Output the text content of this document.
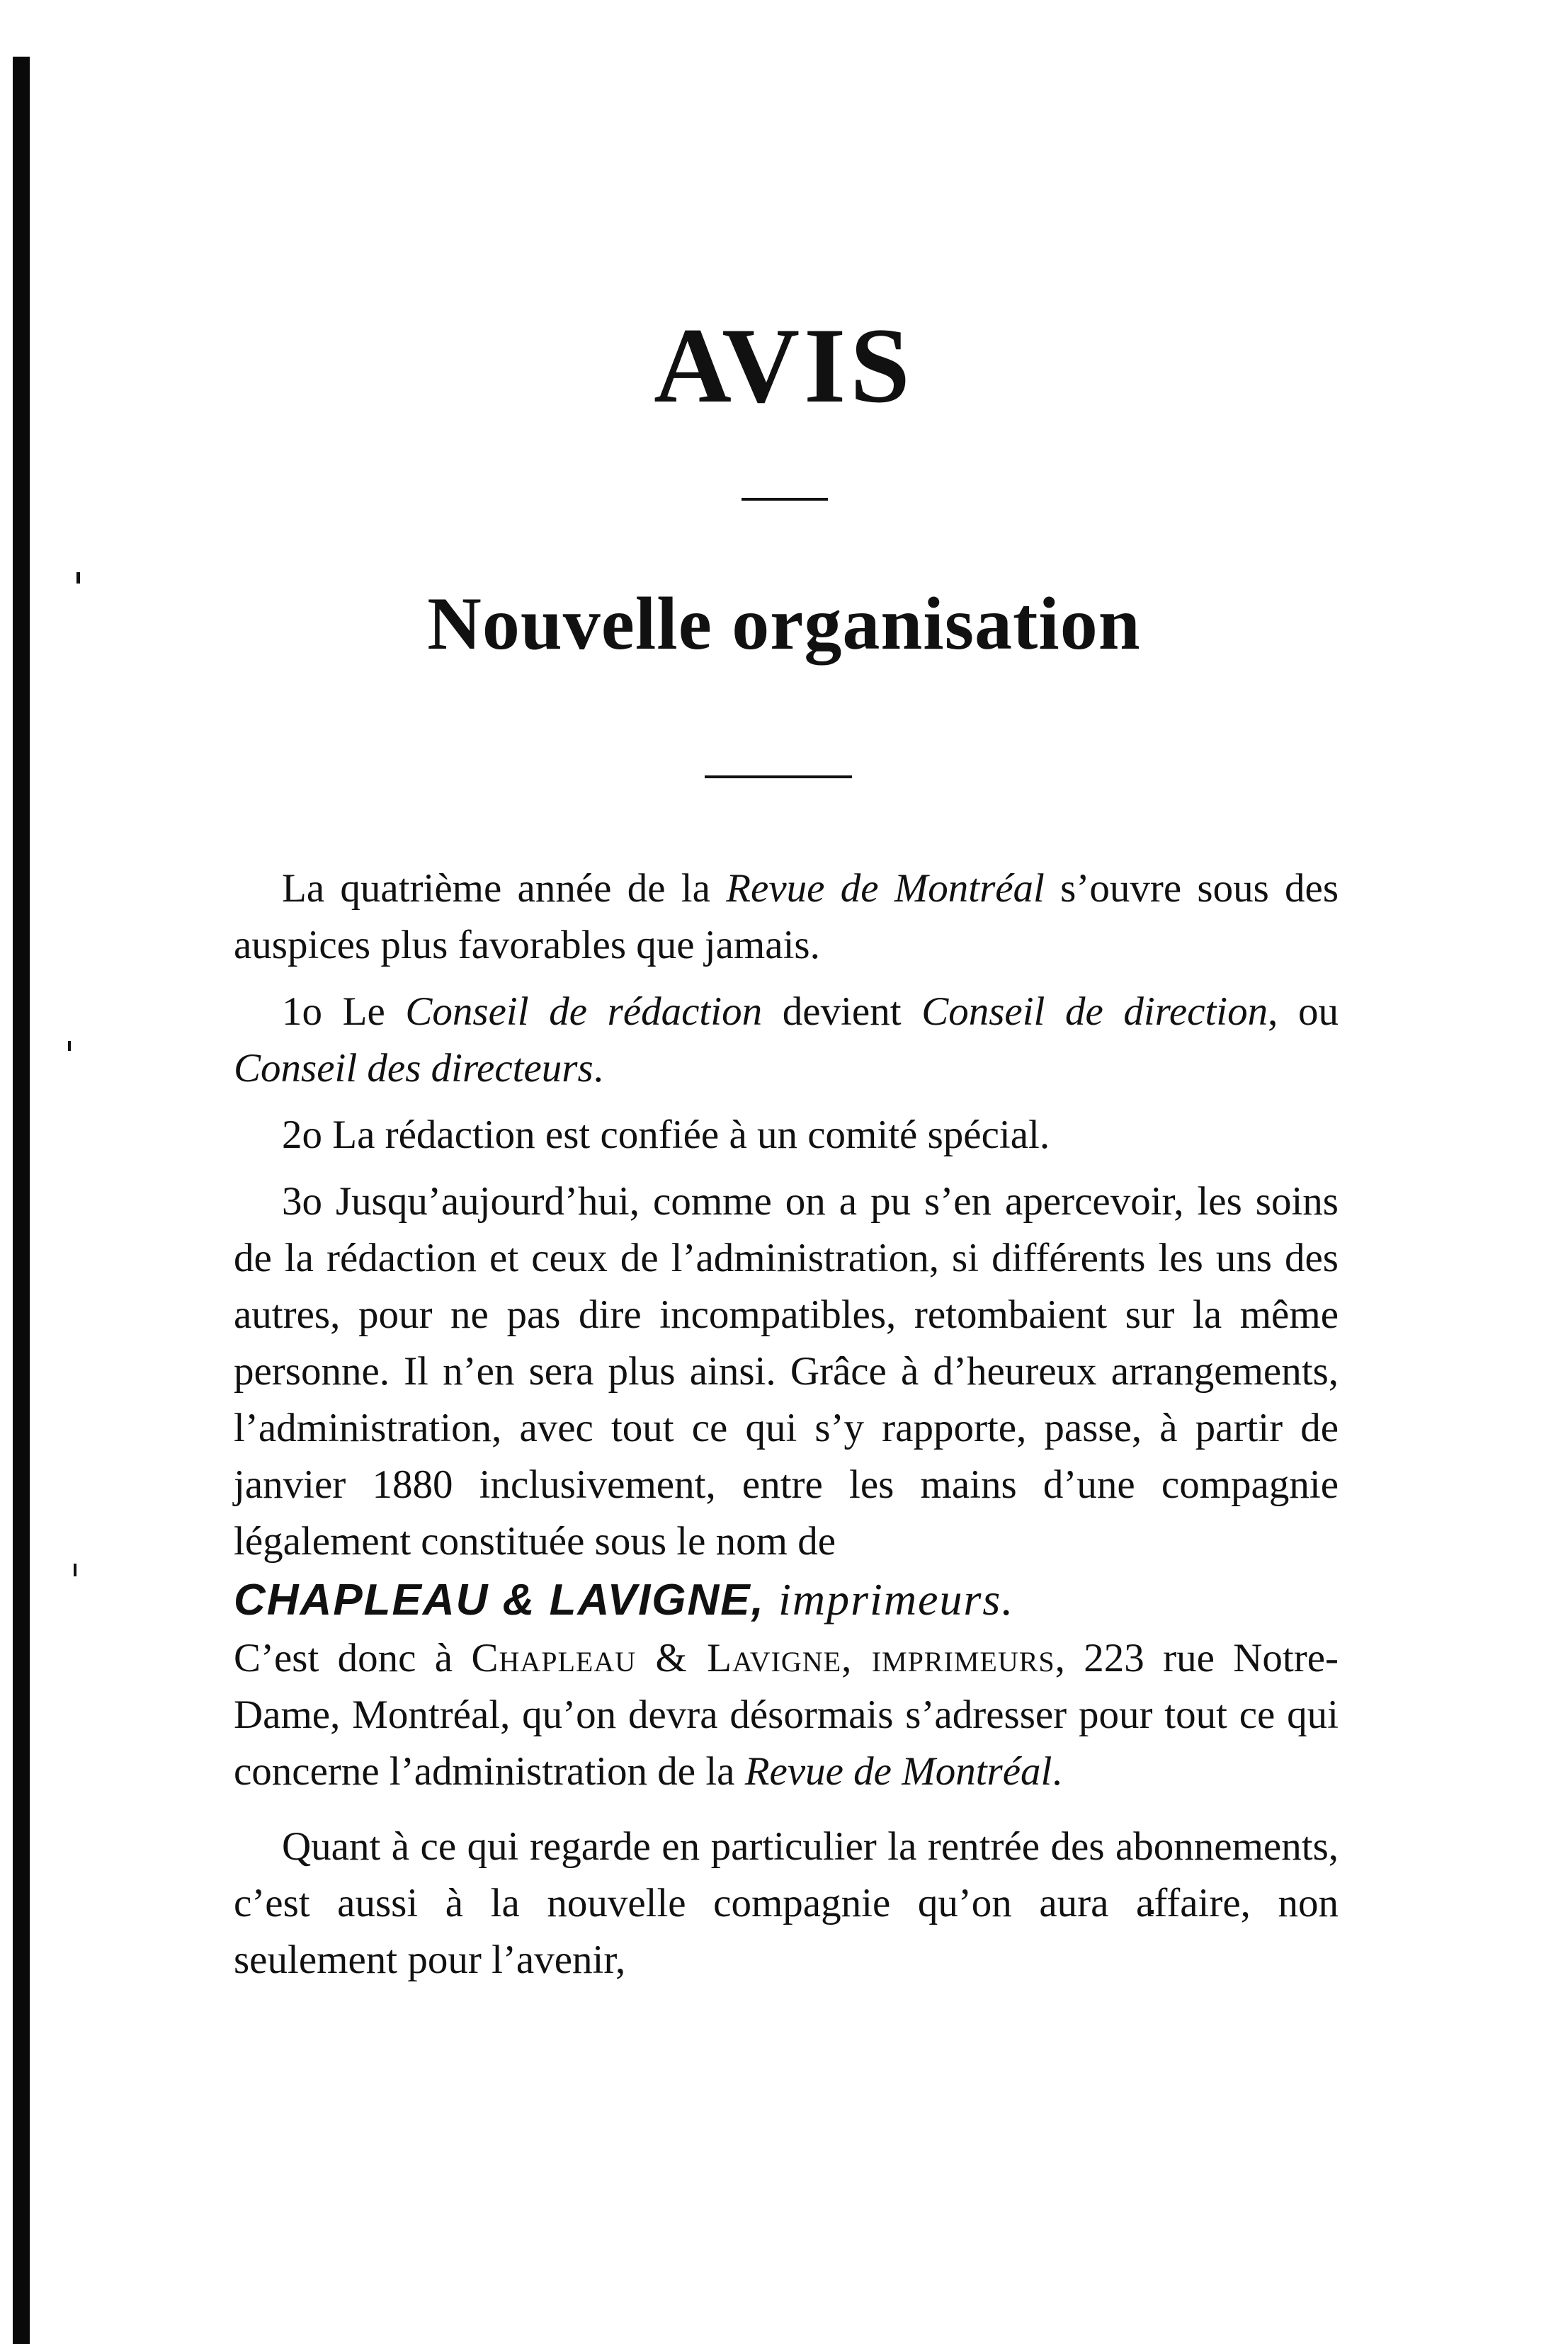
AVIS
Nouvelle organisation

La quatrième année de la Revue de Montréal s’ouvre sous des auspices plus favorables que jamais.

1o Le Conseil de rédaction devient Conseil de direction, ou Conseil des directeurs.

2o La rédaction est confiée à un comité spécial.

3o Jusqu’aujourd’hui, comme on a pu s’en apercevoir, les soins de la rédaction et ceux de l’administration, si différents les uns des autres, pour ne pas dire incompatibles, retombaient sur la même personne. Il n’en sera plus ainsi. Grâce à d’heureux arrangements, l’administration, avec tout ce qui s’y rapporte, passe, à partir de janvier 1880 inclusivement, entre les mains d’une compagnie légalement constituée sous le nom de

CHAPLEAU & LAVIGNE, imprimeurs.

C’est donc à Chapleau & Lavigne, imprimeurs, 223 rue Notre-Dame, Montréal, qu’on devra désormais s’adresser pour tout ce qui concerne l’administration de la Revue de Montréal.

Quant à ce qui regarde en particulier la rentrée des abonnements, c’est aussi à la nouvelle compagnie qu’on aura affaire, non seulement pour l’avenir,
